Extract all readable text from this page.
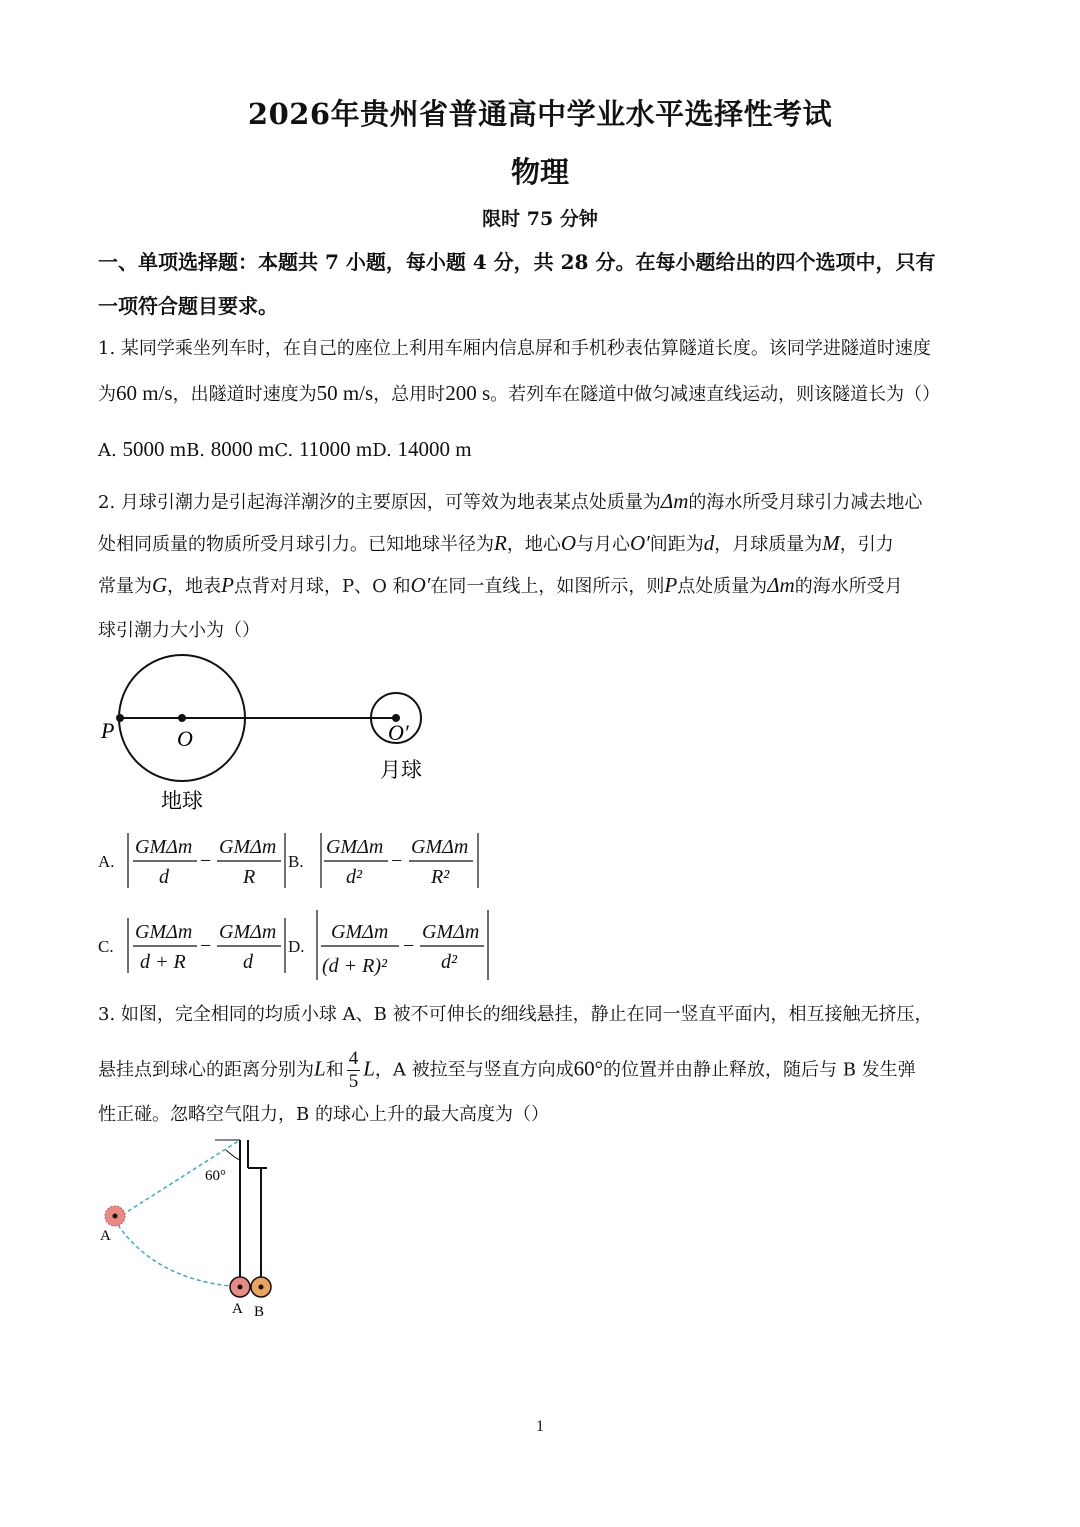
2026年贵州省普通高中学业水平选择性考试
物理
限时 75 分钟
一、单项选择题：本题共 7 小题，每小题 4 分，共 28 分。在每小题给出的四个选项中，只有
一项符合题目要求。
1. 某同学乘坐列车时，在自己的座位上利用车厢内信息屏和手机秒表估算隧道长度。该同学进隧道时速度
为60 m/s，出隧道时速度为50 m/s，总用时200 s。若列车在隧道中做匀减速直线运动，则该隧道长为（）
A. 5000 mB. 8000 mC. 11000 mD. 14000 m
2. 月球引潮力是引起海洋潮汐的主要原因，可等效为地表某点处质量为Δm的海水所受月球引力减去地心
处相同质量的物质所受月球引力。已知地球半径为R，地心O与月心O′间距为d，月球质量为M，引力
常量为G，地表P点背对月球，P、O 和O′在同一直线上，如图所示，则P点处质量为Δm的海水所受月
球引潮力大小为（）
P	O	O′
地球
月球
A.
GMΔm
d
−
GMΔm
R
B.
GMΔm
d²
−
GMΔm
R²
C.
GMΔm
d + R
−
GMΔm
d
D.
GMΔm
(d + R)²
−
GMΔm
d²
3. 如图，完全相同的均质小球 A、B 被不可伸长的细线悬挂，静止在同一竖直平面内，相互接触无挤压，
悬挂点到球心的距离分别为L和 $\frac{4}{5}$ L，A 被拉至与竖直方向成60°的位置并由静止释放，随后与 B 发生弹
性正碰。忽略空气阻力，B 的球心上升的最大高度为（）
60°
A
A B
1
